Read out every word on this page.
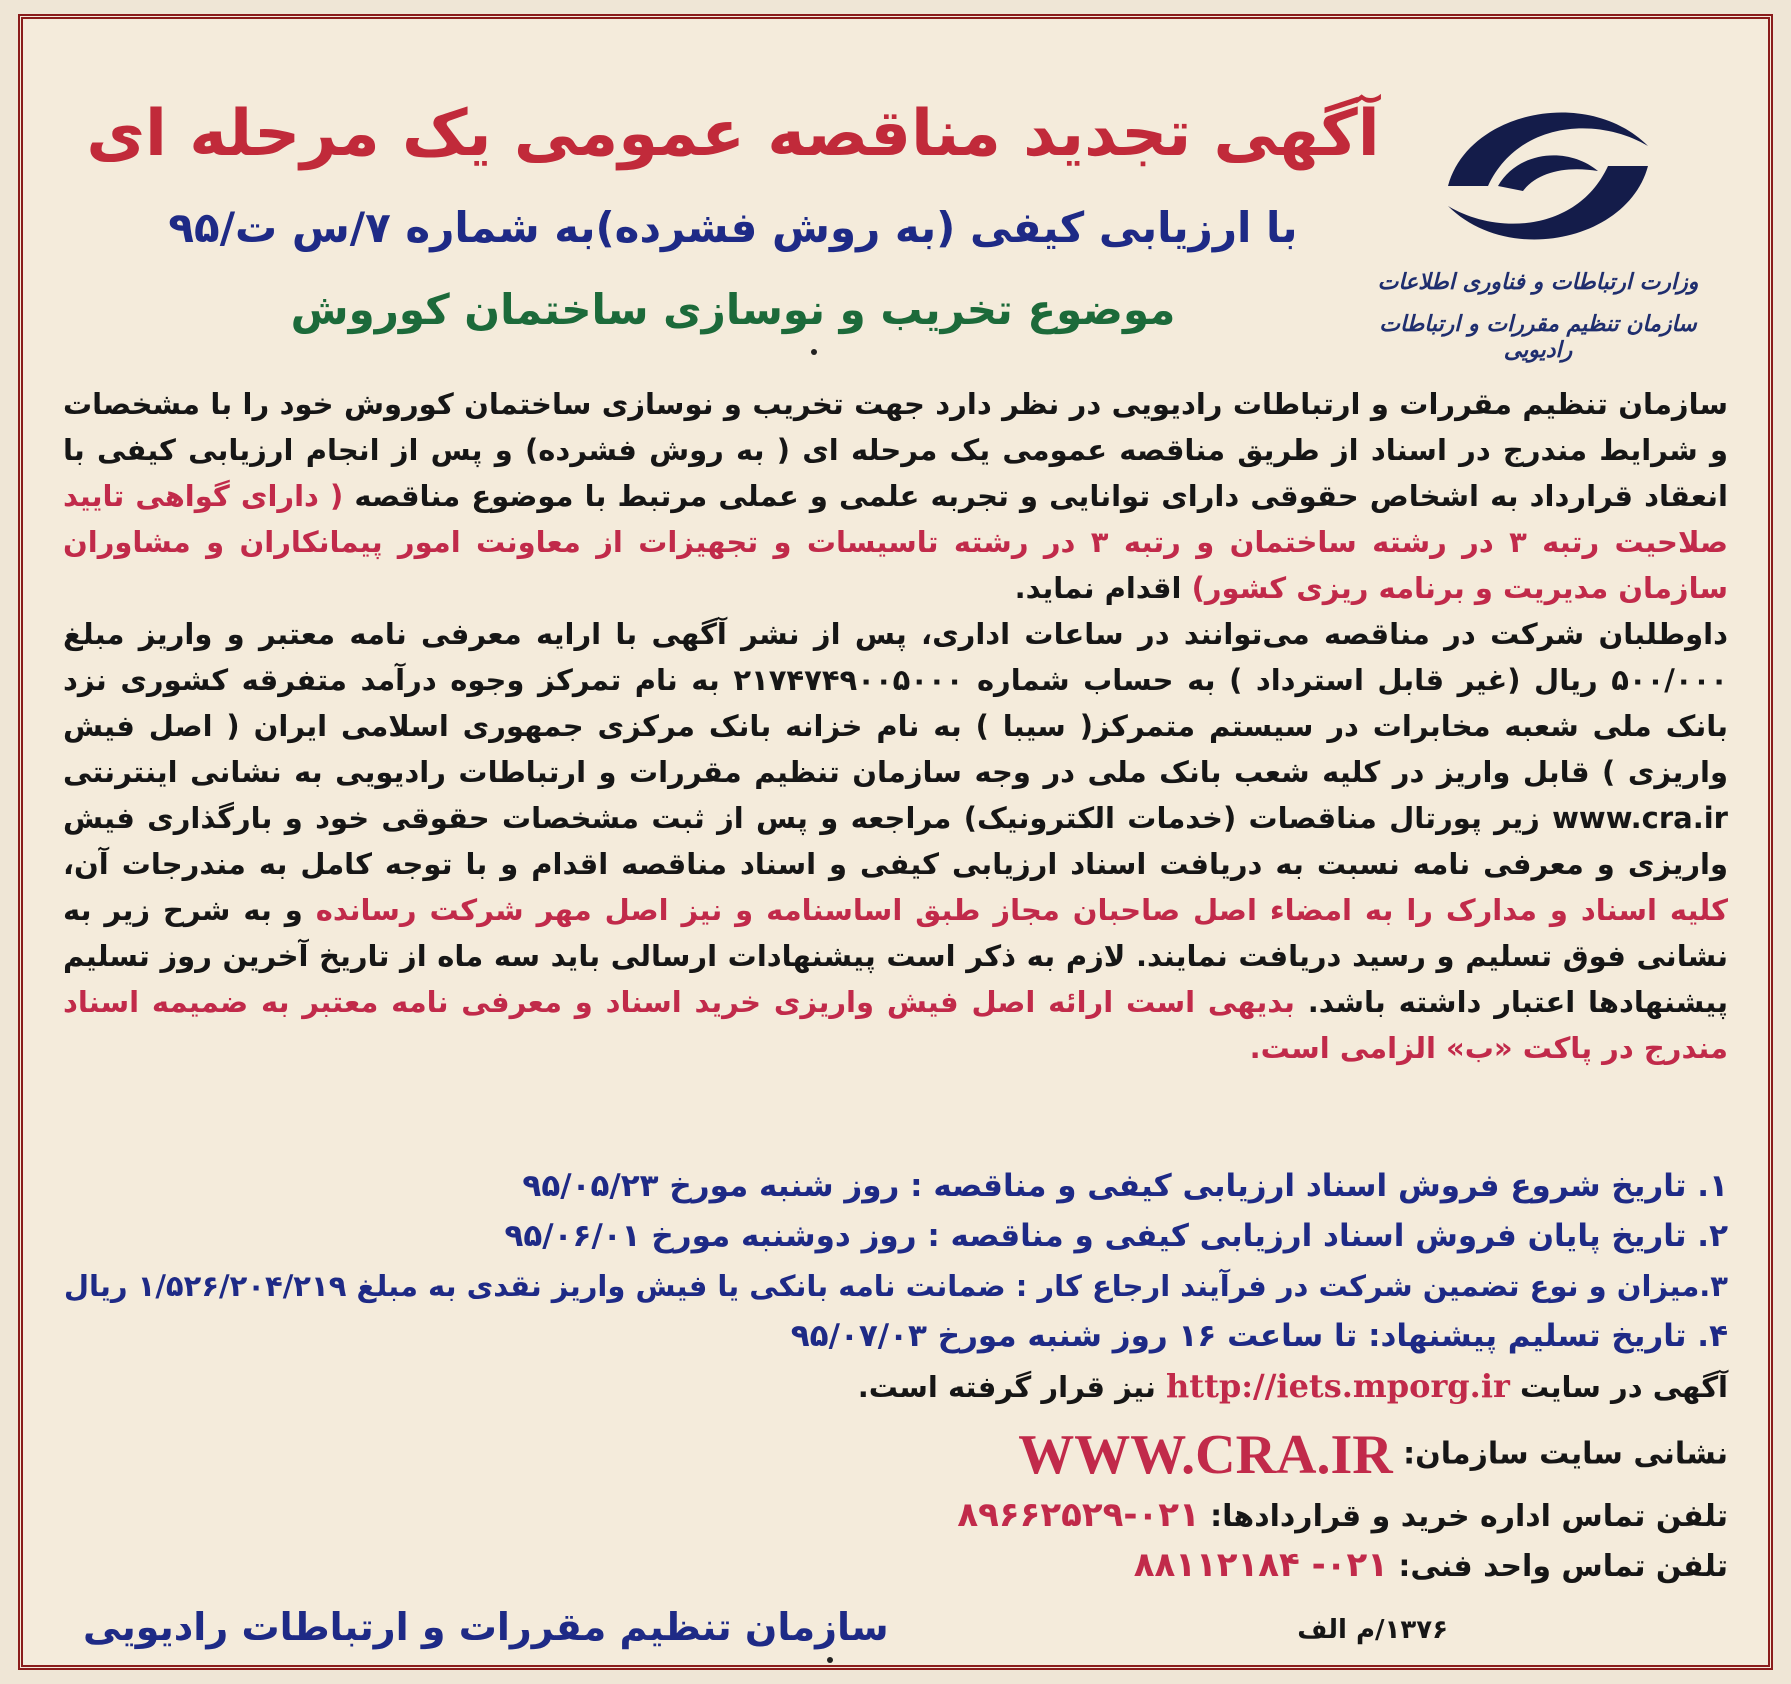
وزارت ارتباطات و فناوری اطلاعات
سازمان تنظیم مقررات و ارتباطات رادیویی
آگهی تجدید مناقصه عمومی یک مرحله ای
با ارزیابی کیفی (به روش فشرده)به شماره ۷/س ت/۹۵
موضوع تخریب و نوسازی ساختمان کوروش

سازمان تنظیم مقررات و ارتباطات رادیویی در نظر دارد جهت تخریب و نوسازی ساختمان کوروش خود را با مشخصات و شرایط مندرج در اسناد از طریق مناقصه عمومی یک مرحله ای ( به روش فشرده) و پس از انجام ارزیابی کیفی با انعقاد قرارداد به اشخاص حقوقی دارای توانایی و تجربه علمی و عملی مرتبط با موضوع مناقصه ( دارای گواهی تایید صلاحیت رتبه ۳ در رشته ساختمان و رتبه ۳ در رشته تاسیسات و تجهیزات از معاونت امور پیمانکاران و مشاوران سازمان مدیریت و برنامه ریزی کشور) اقدام نماید.

داوطلبان شرکت در مناقصه می‌توانند در ساعات اداری، پس از نشر آگهی با ارایه معرفی نامه معتبر و واریز مبلغ ۵۰۰/۰۰۰ ریال (غیر قابل استرداد ) به حساب شماره ۲۱۷۴۷۴۹۰۰۵۰۰۰ به نام تمرکز وجوه درآمد متفرقه کشوری نزد بانک ملی شعبه مخابرات در سیستم متمرکز( سیبا ) به نام خزانه بانک مرکزی جمهوری اسلامی ایران ( اصل فیش واریزی ) قابل واریز در کلیه شعب بانک ملی در وجه سازمان تنظیم مقررات و ارتباطات رادیویی به نشانی اینترنتی www.cra.ir زیر پورتال مناقصات (خدمات الکترونیک) مراجعه و پس از ثبت مشخصات حقوقی خود و بارگذاری فیش واریزی و معرفی نامه نسبت به دریافت اسناد ارزیابی کیفی و اسناد مناقصه اقدام و با توجه کامل به مندرجات آن، کلیه اسناد و مدارک را به امضاء اصل صاحبان مجاز طبق اساسنامه و نیز اصل مهر شرکت رسانده و به شرح زیر به نشانی فوق تسلیم و رسید دریافت نمایند. لازم به ذکر است پیشنهادات ارسالی باید سه ماه از تاریخ آخرین روز تسلیم پیشنهادها اعتبار داشته باشد. بدیهی است ارائه اصل فیش واریزی خرید اسناد و معرفی نامه معتبر به ضمیمه اسناد مندرج در پاکت «ب» الزامی است.

۱. تاریخ شروع فروش اسناد ارزیابی کیفی و مناقصه : روز شنبه مورخ ۹۵/۰۵/۲۳
۲. تاریخ پایان فروش اسناد ارزیابی کیفی و مناقصه : روز دوشنبه مورخ ۹۵/۰۶/۰۱
۳.میزان و نوع تضمین شرکت در فرآیند ارجاع کار : ضمانت نامه بانکی یا فیش واریز نقدی به مبلغ ۱/۵۲۶/۲۰۴/۲۱۹ ریال
۴. تاریخ تسلیم پیشنهاد: تا ساعت ۱۶ روز شنبه مورخ ۹۵/۰۷/۰۳
آگهی در سایت http://iets.mporg.ir نیز قرار گرفته است.
نشانی سایت سازمان: WWW.CRA.IR
تلفن تماس اداره خرید و قراردادها: ۰۲۱-۸۹۶۶۲۵۲۹
تلفن تماس واحد فنی: ۰۲۱- ۸۸۱۱۲۱۸۴
سازمان تنظیم مقررات و ارتباطات رادیویی	۱۳۷۶/م الف
